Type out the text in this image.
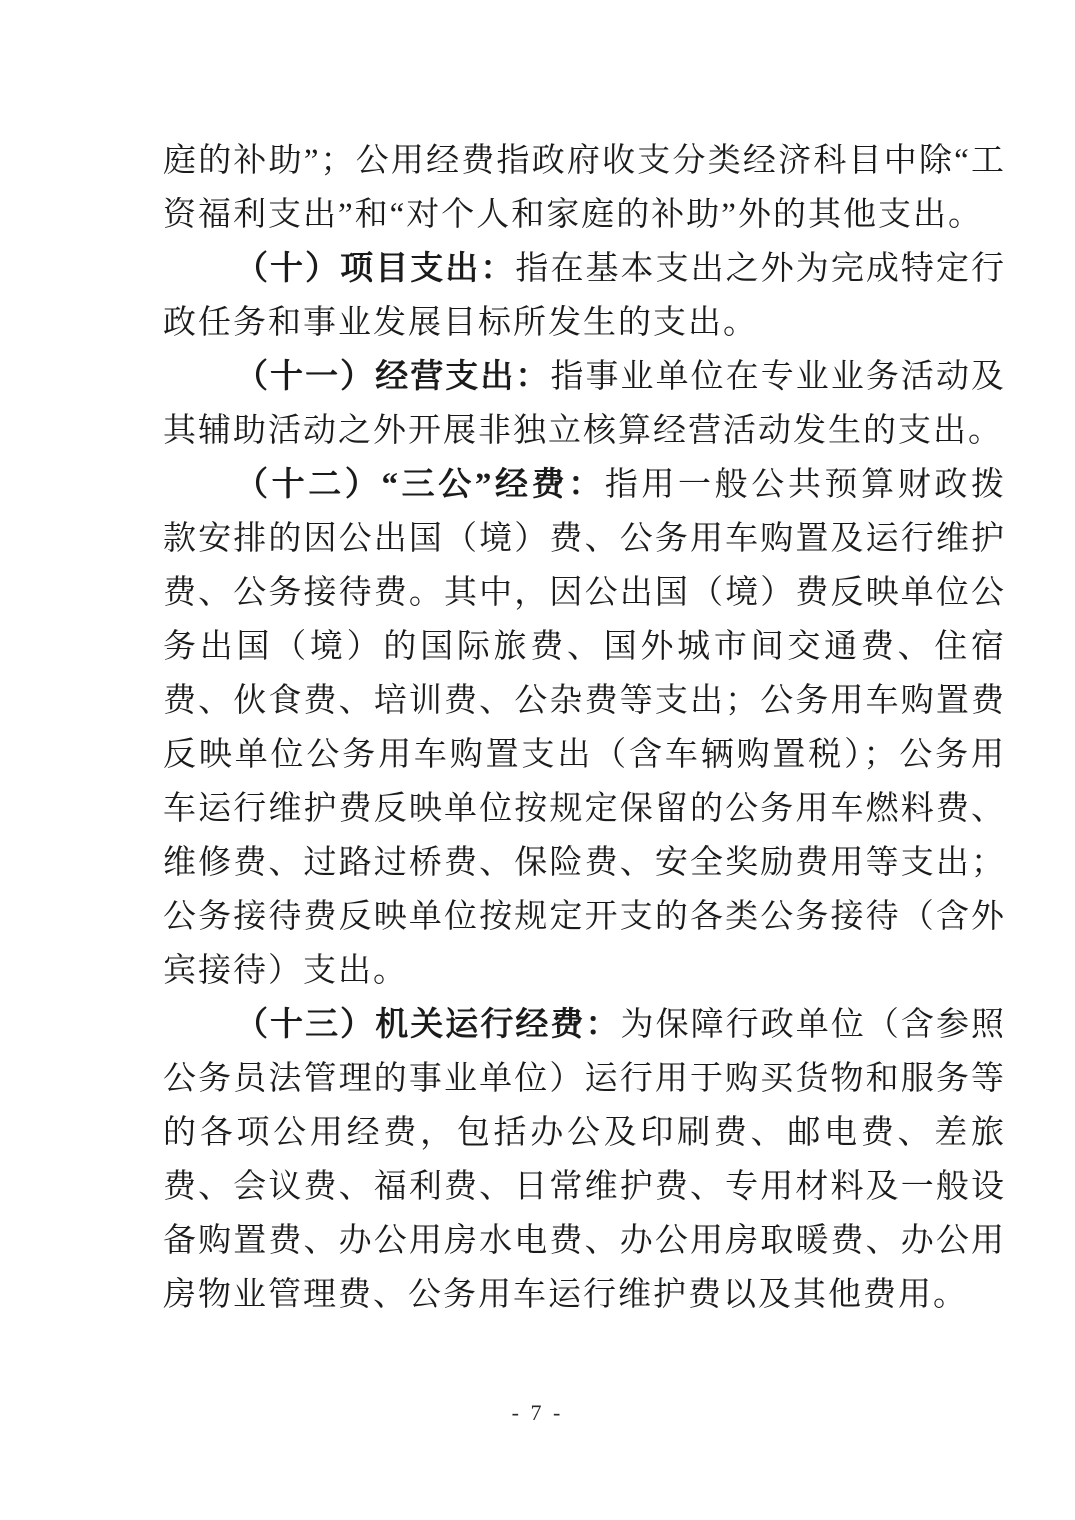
庭的补助”；公用经费指政府收支分类经济科目中除“工资福利支出”和“对个人和家庭的补助”外的其他支出。

（十）项目支出：指在基本支出之外为完成特定行政任务和事业发展目标所发生的支出。

（十一）经营支出：指事业单位在专业业务活动及其辅助活动之外开展非独立核算经营活动发生的支出。

（十二）“三公”经费：指用一般公共预算财政拨款安排的因公出国（境）费、公务用车购置及运行维护费、公务接待费。其中，因公出国（境）费反映单位公务出国（境）的国际旅费、国外城市间交通费、住宿费、伙食费、培训费、公杂费等支出；公务用车购置费反映单位公务用车购置支出（含车辆购置税）；公务用车运行维护费反映单位按规定保留的公务用车燃料费、维修费、过路过桥费、保险费、安全奖励费用等支出；公务接待费反映单位按规定开支的各类公务接待（含外宾接待）支出。

（十三）机关运行经费：为保障行政单位（含参照公务员法管理的事业单位）运行用于购买货物和服务等的各项公用经费，包括办公及印刷费、邮电费、差旅费、会议费、福利费、日常维护费、专用材料及一般设备购置费、办公用房水电费、办公用房取暖费、办公用房物业管理费、公务用车运行维护费以及其他费用。

- 7 -
